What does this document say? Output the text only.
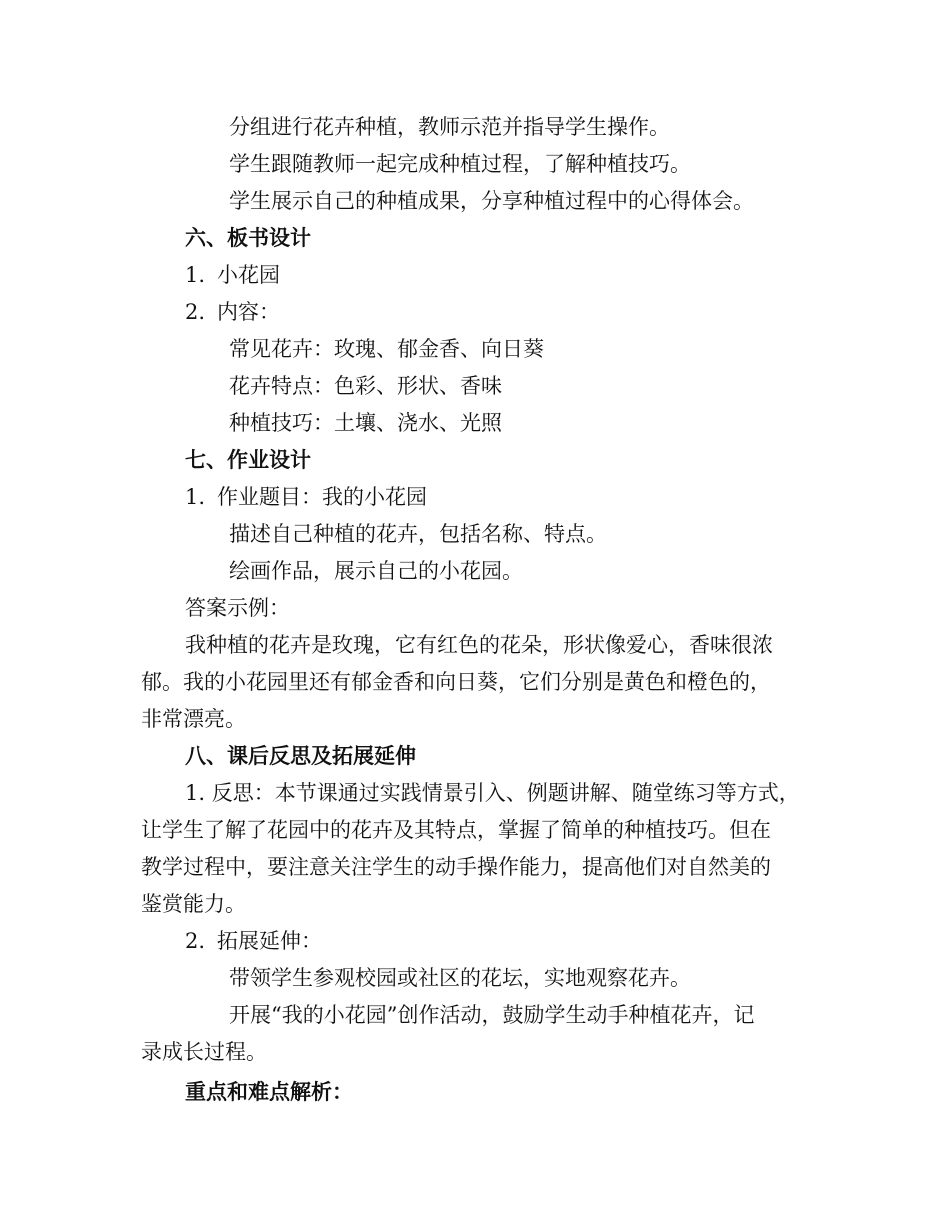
分组进行花卉种植，教师示范并指导学生操作。
学生跟随教师一起完成种植过程，了解种植技巧。
学生展示自己的种植成果，分享种植过程中的心得体会。
六、板书设计
1. 小花园
2. 内容：
常见花卉：玫瑰、郁金香、向日葵
花卉特点：色彩、形状、香味
种植技巧：土壤、浇水、光照
七、作业设计
1. 作业题目：我的小花园
描述自己种植的花卉，包括名称、特点。
绘画作品，展示自己的小花园。
答案示例：
我种植的花卉是玫瑰，它有红色的花朵，形状像爱心，香味很浓
郁。我的小花园里还有郁金香和向日葵，它们分别是黄色和橙色的，
非常漂亮。
八、课后反思及拓展延伸
1. 反思：本节课通过实践情景引入、例题讲解、随堂练习等方式，
让学生了解了花园中的花卉及其特点，掌握了简单的种植技巧。但在
教学过程中，要注意关注学生的动手操作能力，提高他们对自然美的
鉴赏能力。
2. 拓展延伸：
带领学生参观校园或社区的花坛，实地观察花卉。
开展“我的小花园”创作活动，鼓励学生动手种植花卉，记
录成长过程。
重点和难点解析：
